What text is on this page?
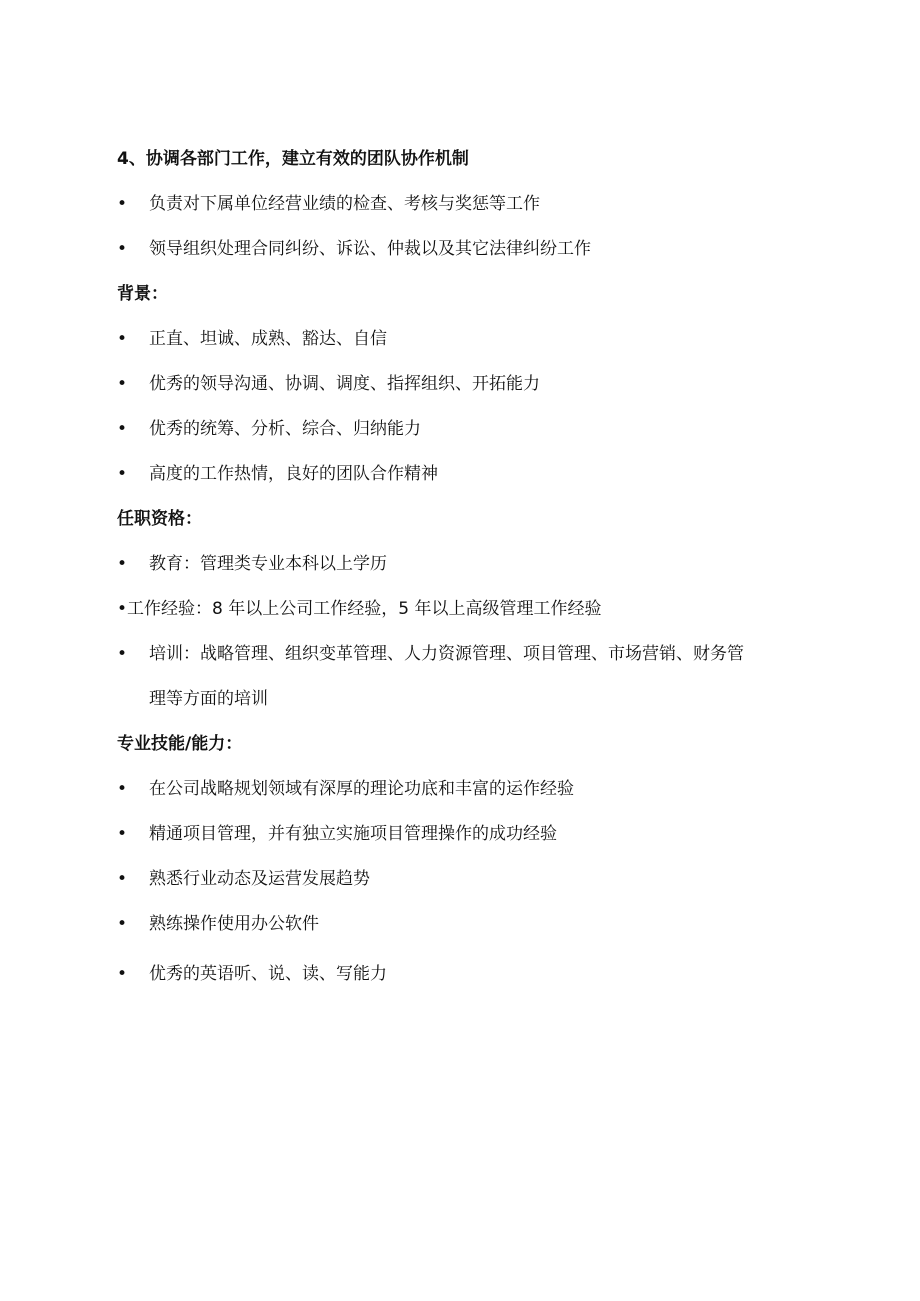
4、协调各部门工作，建立有效的团队协作机制
• 负责对下属单位经营业绩的检查、考核与奖惩等工作
• 领导组织处理合同纠纷、诉讼、仲裁以及其它法律纠纷工作
背景：
• 正直、坦诚、成熟、豁达、自信
• 优秀的领导沟通、协调、调度、指挥组织、开拓能力
• 优秀的统筹、分析、综合、归纳能力
• 高度的工作热情，良好的团队合作精神
任职资格：
• 教育：管理类专业本科以上学历
•工作经验：8 年以上公司工作经验，5 年以上高级管理工作经验
• 培训：战略管理、组织变革管理、人力资源管理、项目管理、市场营销、财务管
理等方面的培训
专业技能/能力：
• 在公司战略规划领域有深厚的理论功底和丰富的运作经验
• 精通项目管理，并有独立实施项目管理操作的成功经验
• 熟悉行业动态及运营发展趋势
• 熟练操作使用办公软件
• 优秀的英语听、说、读、写能力
